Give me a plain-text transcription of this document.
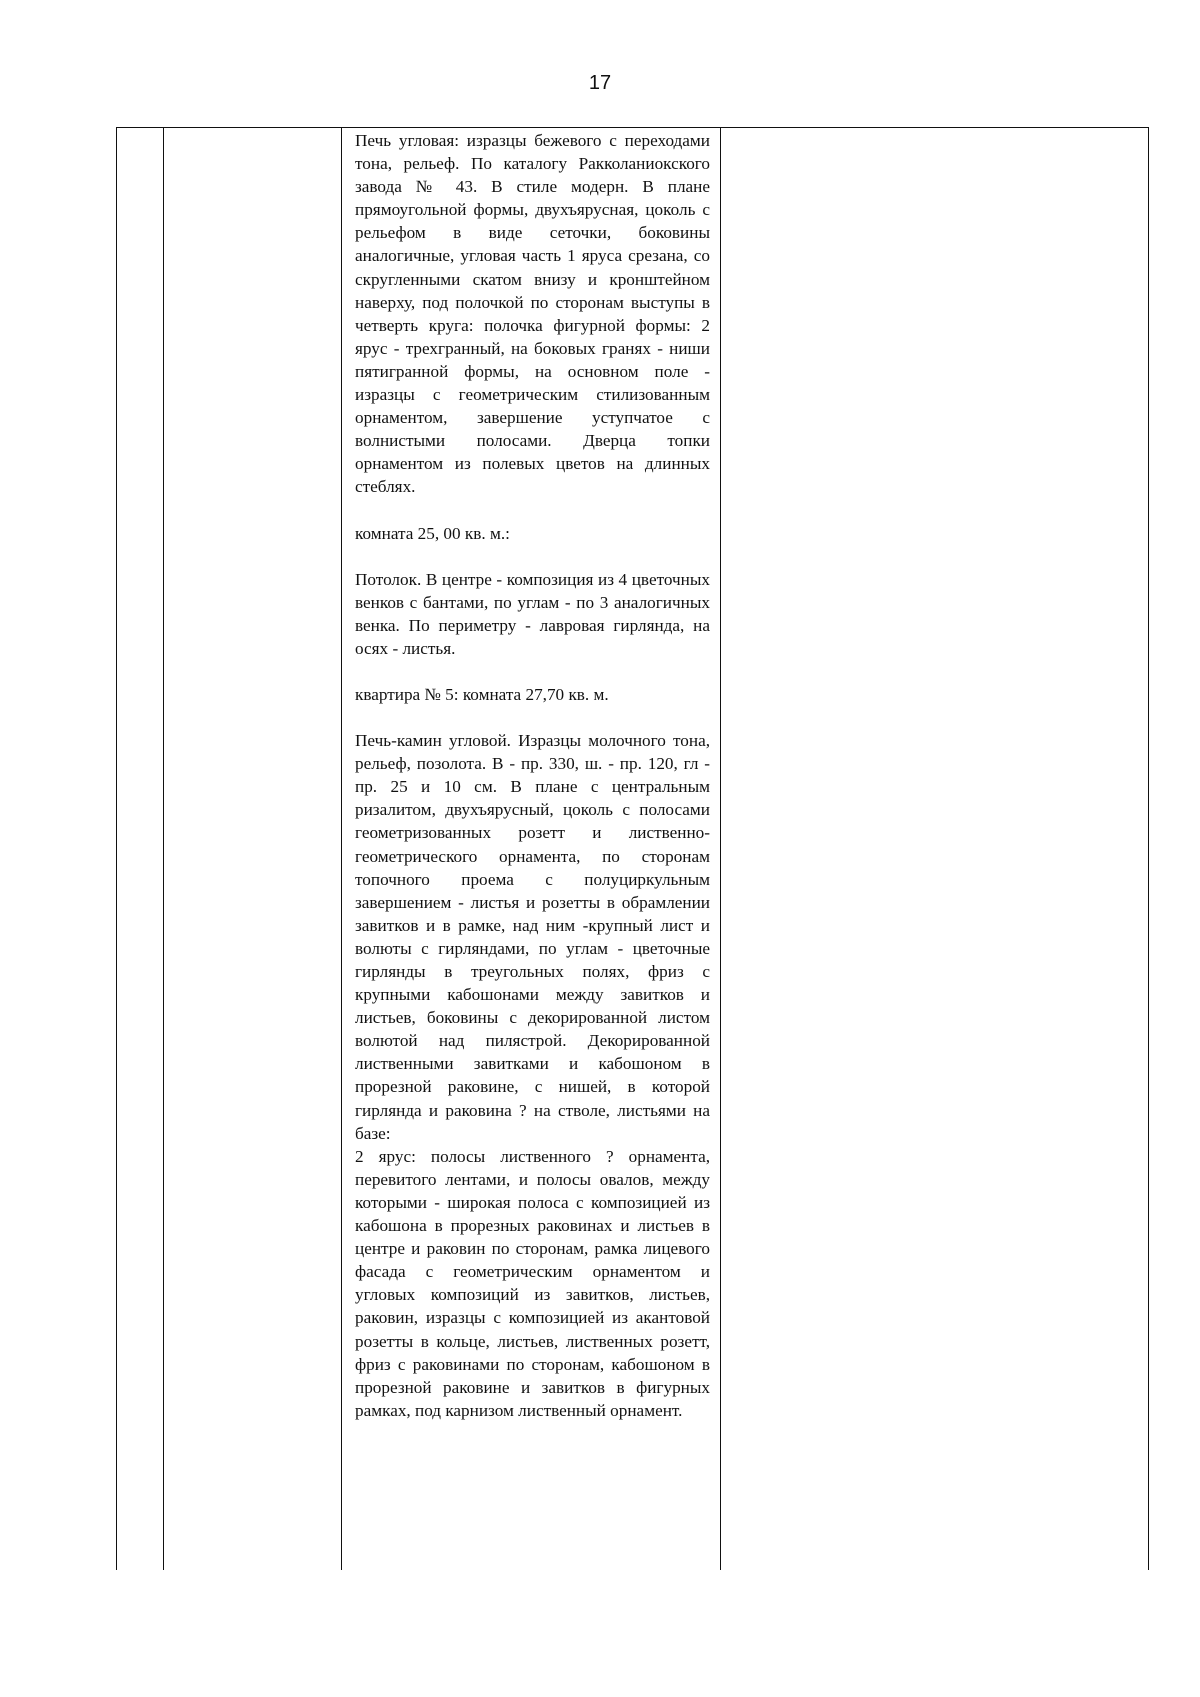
17

Печь угловая: изразцы бежевого с переходами тона, рельеф. По каталогу Ракколаниокского завода № 43. В стиле модерн. В плане прямоугольной формы, двухъярусная, цоколь с рельефом в виде сеточки, боковины аналогичные, угловая часть 1 яруса срезана, со скругленными скатом внизу и кронштейном наверху, под полочкой по сторонам выступы в четверть круга: полочка фигурной формы: 2 ярус - трехгранный, на боковых гранях - ниши пятигранной формы, на основном поле - изразцы с геометрическим стилизованным орнаментом, завершение уступчатое с волнистыми полосами. Дверца топки орнаментом из полевых цветов на длинных стеблях.

комната 25, 00 кв. м.:

Потолок. В центре - композиция из 4 цветочных венков с бантами, по углам - по 3 аналогичных венка. По периметру - лавровая гирлянда, на осях - листья.

квартира № 5: комната 27,70 кв. м.

Печь-камин угловой. Изразцы молочного тона, рельеф, позолота. В - пр. 330, ш. - пр. 120, гл - пр. 25 и 10 см. В плане с центральным ризалитом, двухъярусный, цоколь с полосами геометризованных розетт и лиственно-геометрического орнамента, по сторонам топочного проема с полуциркульным завершением - листья и розетты в обрамлении завитков и в рамке, над ним -крупный лист и волюты с гирляндами, по углам - цветочные гирлянды в треугольных полях, фриз с крупными кабошонами между завитков и листьев, боковины с декорированной листом волютой над пилястрой. Декорированной лиственными завитками и кабошоном в прорезной раковине, с нишей, в которой гирлянда и раковина ? на стволе, листьями на базе:

2 ярус: полосы лиственного ? орнамента, перевитого лентами, и полосы овалов, между которыми - широкая полоса с композицией из кабошона в прорезных раковинах и листьев в центре и раковин по сторонам, рамка лицевого фасада с геометрическим орнаментом и угловых композиций из завитков, листьев, раковин, изразцы с композицией из акантовой розетты в кольце, листьев, лиственных розетт, фриз с раковинами по сторонам, кабошоном в прорезной раковине и завитков в фигурных рамках, под карнизом лиственный орнамент.
